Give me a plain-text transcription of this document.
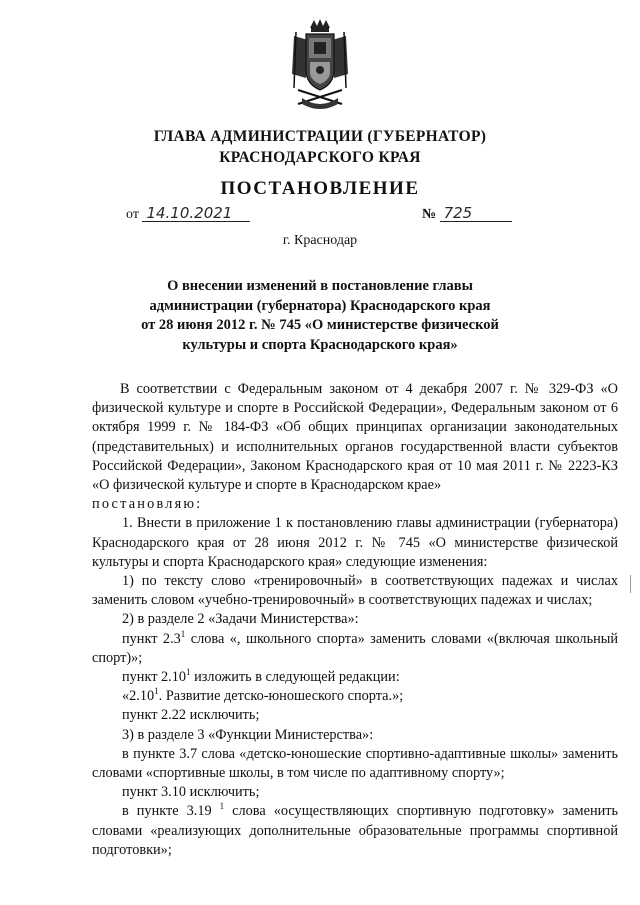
ГЛАВА АДМИНИСТРАЦИИ (ГУБЕРНАТОР)
КРАСНОДАРСКОГО КРАЯ
ПОСТАНОВЛЕНИЕ
от 14.10.2021	№ 725
г. Краснодар
О внесении изменений в постановление главы
администрации (губернатора) Краснодарского края
от 28 июня 2012 г. № 745 «О министерстве физической
культуры и спорта Краснодарского края»

В соответствии с Федеральным законом от 4 декабря 2007 г. № 329-ФЗ «О физической культуре и спорте в Российской Федерации», Федеральным законом от 6 октября 1999 г. № 184-ФЗ «Об общих принципах организации законодательных (представительных) и исполнительных органов государственной власти субъектов Российской Федерации», Законом Краснодарского края от 10 мая 2011 г. № 2223-КЗ «О физической культуре и спорте в Краснодарском крае»

постановляю:

1. Внести в приложение 1 к постановлению главы администрации (губернатора) Краснодарского края от 28 июня 2012 г. № 745 «О министерстве физической культуры и спорта Краснодарского края» следующие изменения:

1) по тексту слово «тренировочный» в соответствующих падежах и числах заменить словом «учебно-тренировочный» в соответствующих падежах и числах;

2) в разделе 2 «Задачи Министерства»:

пункт $2.3^1$ слова «, школьного спорта» заменить словами «(включая школьный спорт)»;

пункт 2.10$^1$ изложить в следующей редакции:

«2.10$^1$. Развитие детско-юношеского спорта.»;

пункт 2.22 исключить;

3) в разделе 3 «Функции Министерства»:

в пункте 3.7 слова «детско-юношеские спортивно-адаптивные школы» заменить словами «спортивные школы, в том числе по адаптивному спорту»;

пункт 3.10 исключить;

в пункте 3.19 $^1$ слова «осуществляющих спортивную подготовку» заменить словами «реализующих дополнительные образовательные программы спортивной подготовки»;
